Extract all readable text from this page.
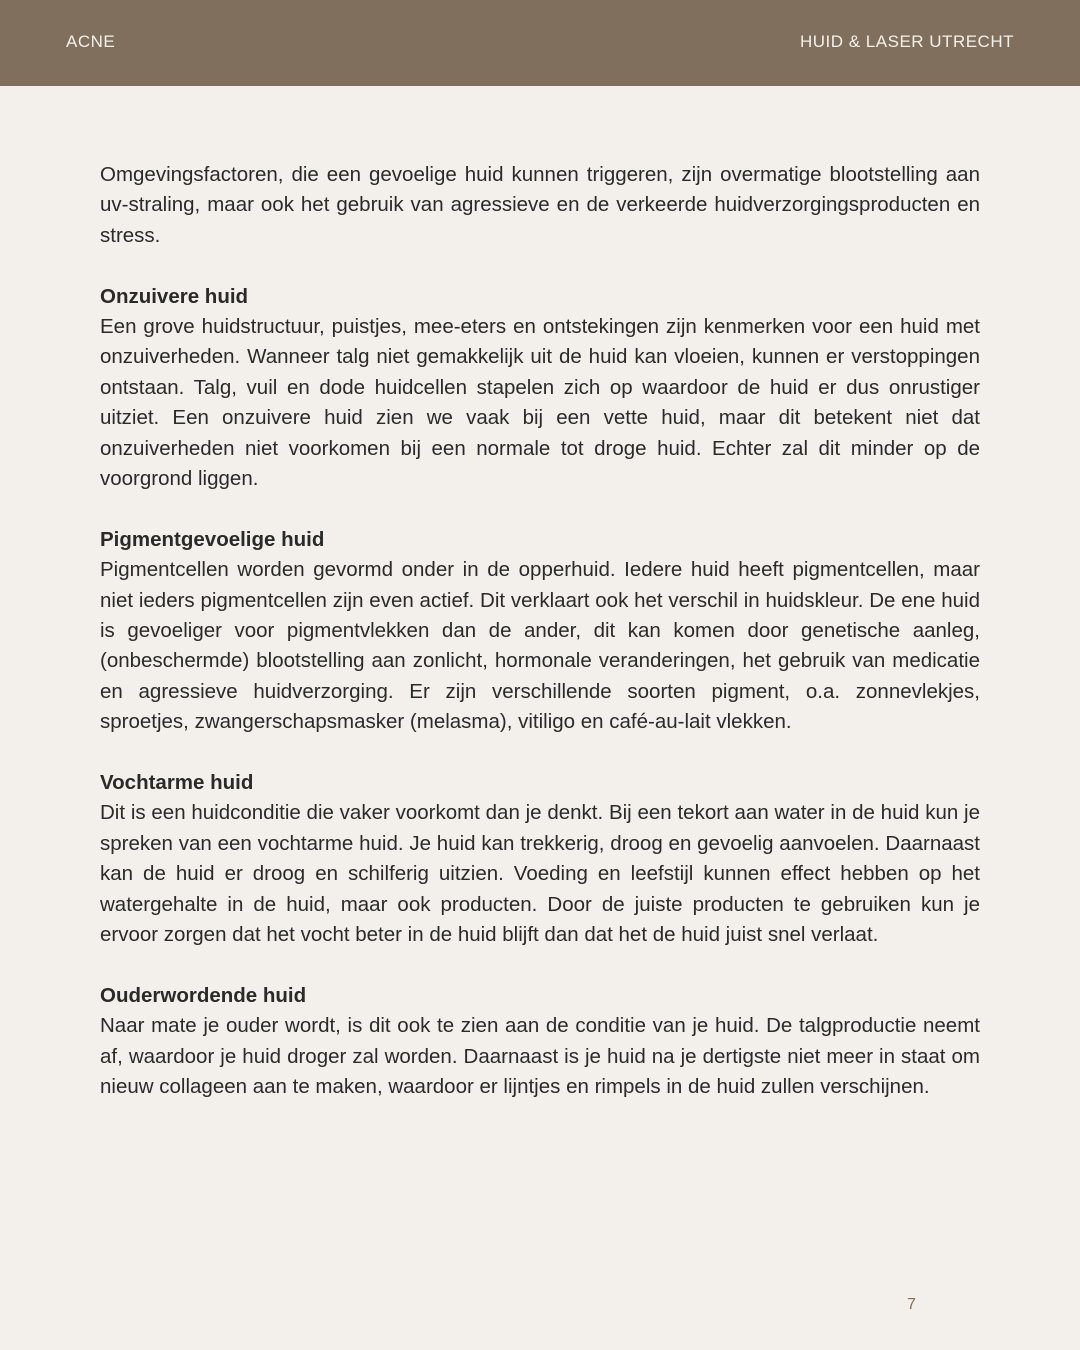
ACNE	HUID & LASER UTRECHT

Omgevingsfactoren, die een gevoelige huid kunnen triggeren, zijn overmatige blootstelling aan uv-straling, maar ook het gebruik van agressieve en de verkeerde huidverzorgingsproducten en stress.

Onzuivere huid

Een grove huidstructuur, puistjes, mee-eters en ontstekingen zijn kenmerken voor een huid met onzuiverheden. Wanneer talg niet gemakkelijk uit de huid kan vloeien, kunnen er verstoppingen ontstaan. Talg, vuil en dode huidcellen stapelen zich op waardoor de huid er dus onrustiger uitziet. Een onzuivere huid zien we vaak bij een vette huid, maar dit betekent niet dat onzuiverheden niet voorkomen bij een normale tot droge huid. Echter zal dit minder op de voorgrond liggen.

Pigmentgevoelige huid

Pigmentcellen worden gevormd onder in de opperhuid. Iedere huid heeft pigmentcellen, maar niet ieders pigmentcellen zijn even actief. Dit verklaart ook het verschil in huidskleur. De ene huid is gevoeliger voor pigmentvlekken dan de ander, dit kan komen door genetische aanleg, (onbeschermde) blootstelling aan zonlicht, hormonale veranderingen, het gebruik van medicatie en agressieve huidverzorging. Er zijn verschillende soorten pigment, o.a. zonnevlekjes, sproetjes, zwangerschapsmasker (melasma), vitiligo en café-au-lait vlekken.

Vochtarme huid

Dit is een huidconditie die vaker voorkomt dan je denkt. Bij een tekort aan water in de huid kun je spreken van een vochtarme huid. Je huid kan trekkerig, droog en gevoelig aanvoelen. Daarnaast kan de huid er droog en schilferig uitzien. Voeding en leefstijl kunnen effect hebben op het watergehalte in de huid, maar ook producten. Door de juiste producten te gebruiken kun je ervoor zorgen dat het vocht beter in de huid blijft dan dat het de huid juist snel verlaat.

Ouderwordende huid

Naar mate je ouder wordt, is dit ook te zien aan de conditie van je huid. De talgproductie neemt af, waardoor je huid droger zal worden. Daarnaast is je huid na je dertigste niet meer in staat om nieuw collageen aan te maken, waardoor er lijntjes en rimpels in de huid zullen verschijnen.

7
